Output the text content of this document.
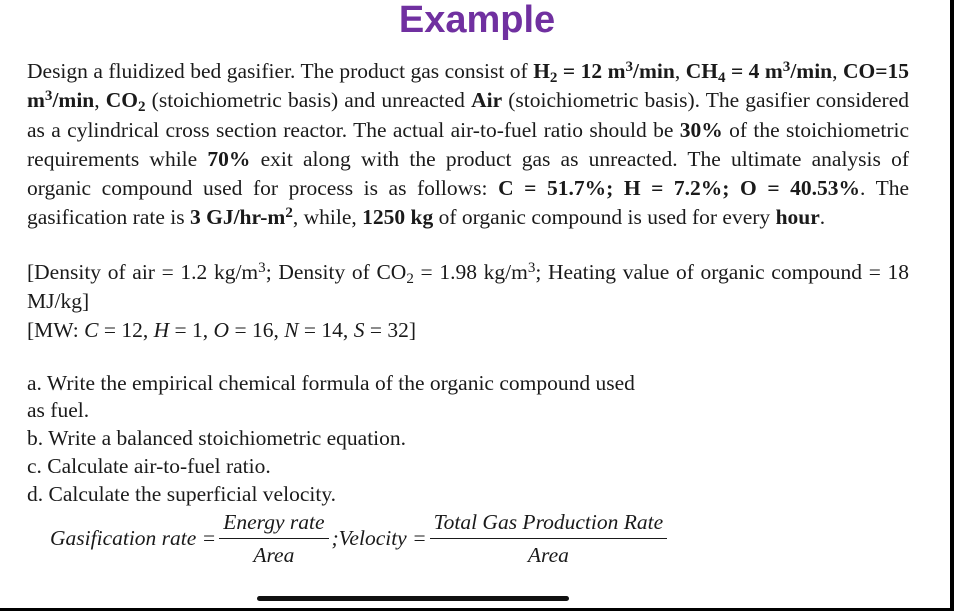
Example
Design a fluidized bed gasifier. The product gas consist of $H_2 = 12$ $m^3/\min$, $CH_4 = 4$ $m^3/\min$, CO=15 $m^3/\min$, $CO_2$ (stoichiometric basis) and unreacted Air (stoichiometric basis). The gasifier considered as a cylindrical cross section reactor. The actual air-to-fuel ratio should be 30% of the stoichiometric requirements while 70% exit along with the product gas as unreacted. The ultimate analysis of organic compound used for process is as follows: C = 51.7%; H = 7.2%; O = 40.53%. The gasification rate is 3 $GJ/hr-m^2$, while, 1250 kg of organic compound is used for every hour.
[Density of air = 1.2 $kg/m^3$; Density of $CO_2 = 1.98$ $kg/m^3$; Heating value of organic compound = 18 MJ/kg]
[MW: C = 12, H = 1, O = 16, N = 14, S = 32]
a. Write the empirical chemical formula of the organic compound used
as fuel.
b. Write a balanced stoichiometric equation.
c. Calculate air-to-fuel ratio.
d. Calculate the superficial velocity.
Gasification rate = $\frac{\text{Energy rate}}{\text{Area}}$ ; Velocity = $\frac{\text{Total Gas Production Rate}}{\text{Area}}$
